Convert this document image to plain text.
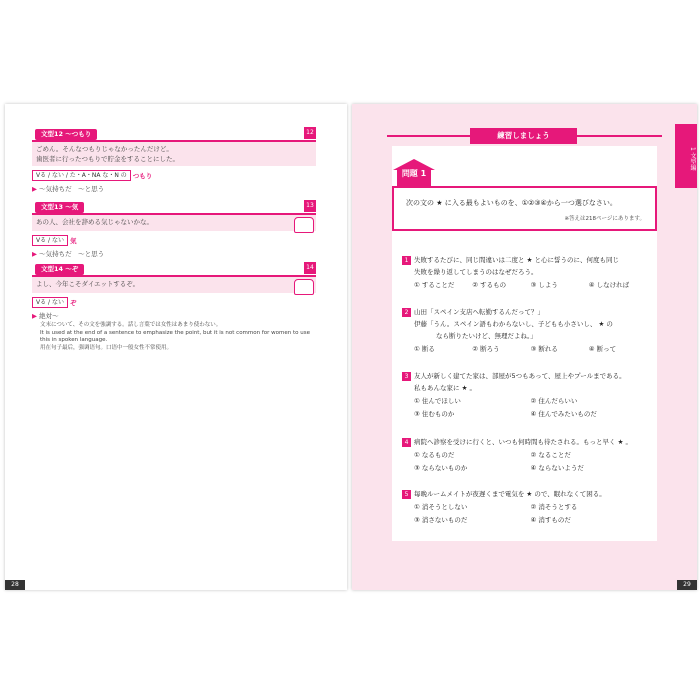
文型12 ～つもり	12
ごめん。そんなつもりじゃなかったんだけど。
歯医者に行ったつもりで貯金をすることにした。
Vる / ない / た・A・NA な・N の つもり
▶ ～気持ちだ　～と思う
文型13 ～気	13
あの人、会社を辞める気じゃないかな。
Vる / ない 気
▶ ～気持ちだ　～と思う
文型14 ～ぞ	14
よし、今年こそダイエットするぞ。
Vる / ない ぞ
▶ 絶対～
文末について、その文を強調する。話し言葉では女性はあまり使わない。
It is used at the end of a sentence to emphasize the point, but it is not common for women to use this in spoken language.
用在句子最后，强调语句。口语中一般女性不常使用。
28
1 文型編
練習しましょう
問題 1
次の文の ★ に入る最もよいものを、①②③④から一つ選びなさい。
※答えは218ページにあります。
1 失敗するたびに、同じ間違いは二度と ★ と心に誓うのに、何度も同じ
失敗を繰り返してしまうのはなぜだろう。
① することだ	② するもの	③ しよう	④ しなければ
2 山田「スペイン支店へ転勤するんだって？」
伊藤「うん。スペイン語もわからないし、子どもも小さいし、 ★ の
なら断りたいけど、無理だよね。」
① 断る	② 断ろう	③ 断れる	④ 断って
3 友人が新しく建てた家は、部屋が5つもあって、屋上やプールまである。
私もあんな家に ★ 。
① 住んでほしい	② 住んだらいい
③ 住むものか	④ 住んでみたいものだ
4 病院へ診察を受けに行くと、いつも何時間も待たされる。もっと早く ★ 。
① なるものだ	② なることだ
③ ならないものか	④ ならないようだ
5 毎晩ルームメイトが夜遅くまで電気を ★ ので、眠れなくて困る。
① 消そうとしない	② 消そうとする
③ 消さないものだ	④ 消すものだ
29
